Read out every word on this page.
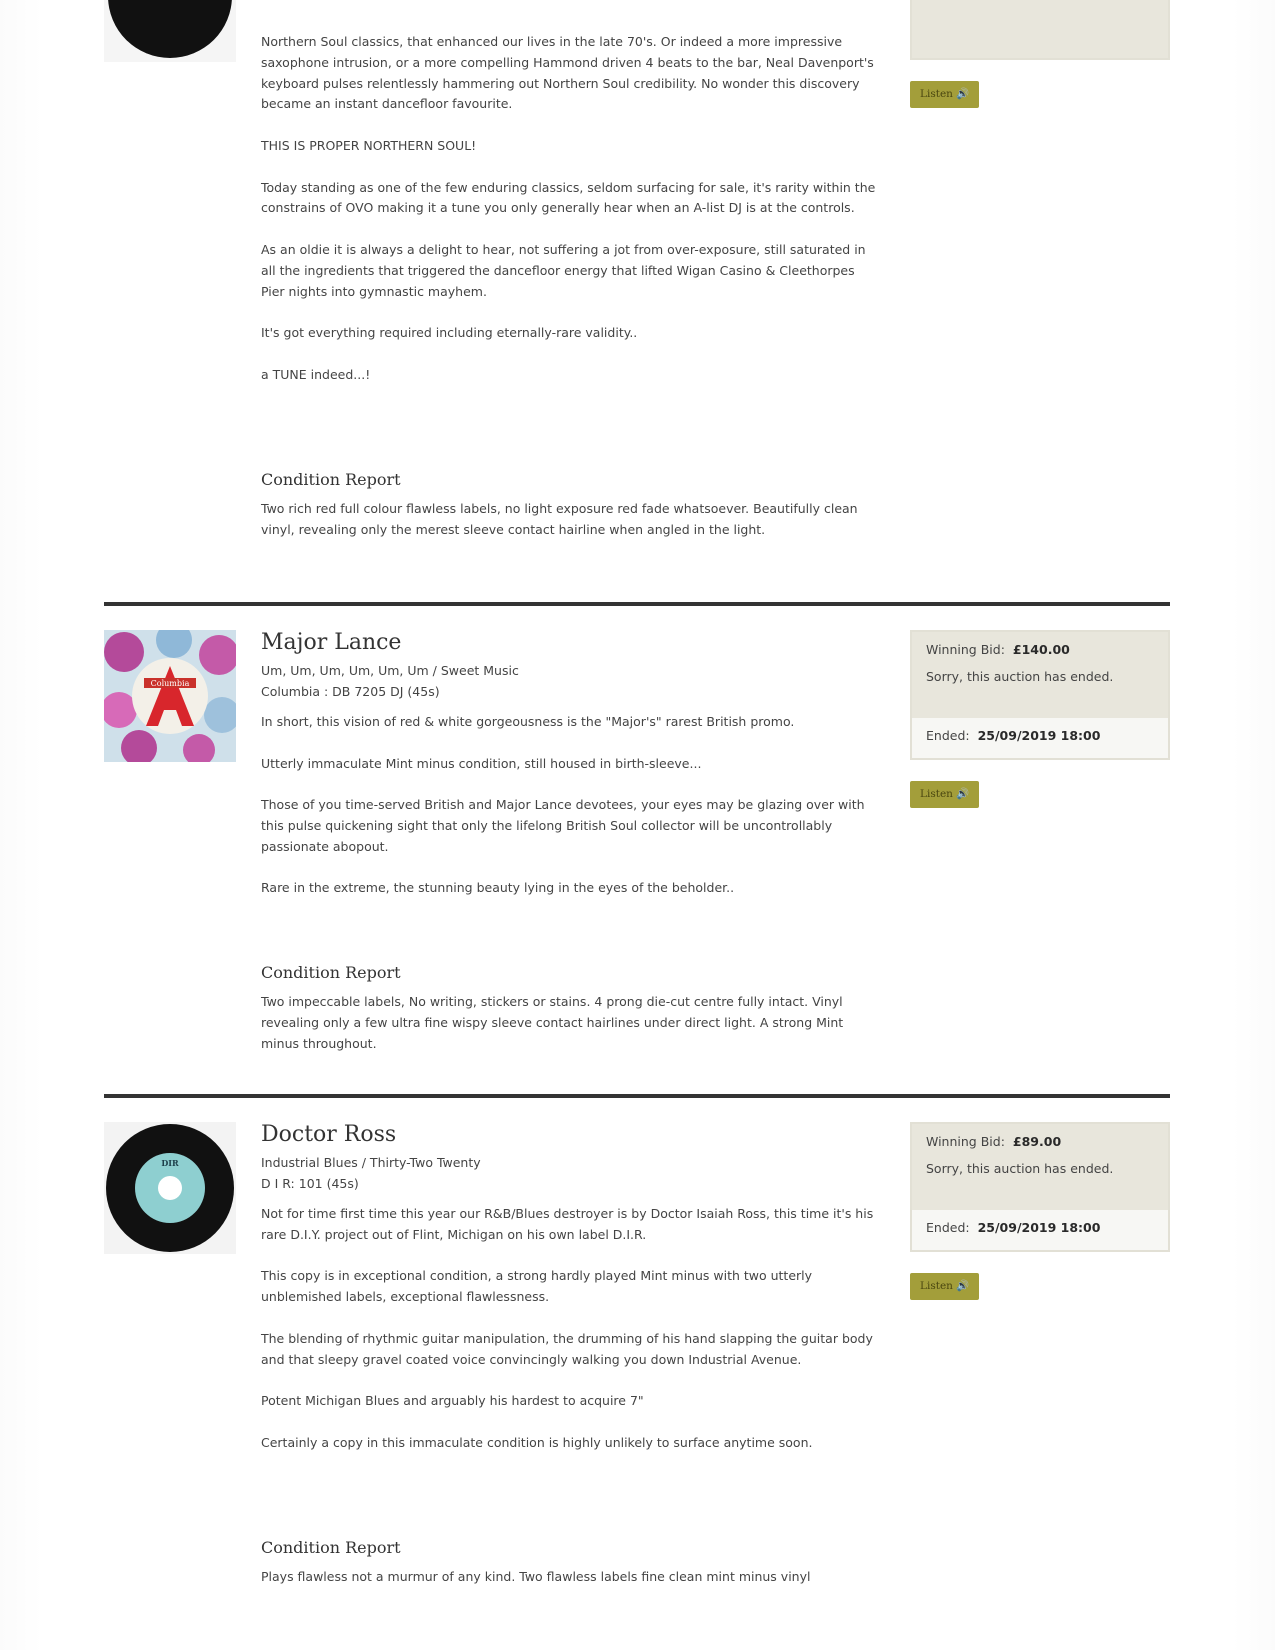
Northern Soul classics, that enhanced our lives in the late 70's. Or indeed a more impressive saxophone intrusion, or a more compelling Hammond driven 4 beats to the bar, Neal Davenport's keyboard pulses relentlessly hammering out Northern Soul credibility. No wonder this discovery became an instant dancefloor favourite.

THIS IS PROPER NORTHERN SOUL!

Today standing as one of the few enduring classics, seldom surfacing for sale, it's rarity within the constrains of OVO making it a tune you only generally hear when an A-list DJ is at the controls.

As an oldie it is always a delight to hear, not suffering a jot from over-exposure, still saturated in all the ingredients that triggered the dancefloor energy that lifted Wigan Casino & Cleethorpes Pier nights into gymnastic mayhem.

It's got everything required including eternally-rare validity..

a TUNE indeed...!

Condition Report

Two rich red full colour flawless labels, no light exposure red fade whatsoever. Beautifully clean vinyl, revealing only the merest sleeve contact hairline when angled in the light.

Listen 🔊
Columbia
Major Lance
Um, Um, Um, Um, Um, Um / Sweet Music
Columbia : DB 7205 DJ (45s)

In short, this vision of red & white gorgeousness is the "Major's" rarest British promo.

Utterly immaculate Mint minus condition, still housed in birth-sleeve...

Those of you time-served British and Major Lance devotees, your eyes may be glazing over with this pulse quickening sight that only the lifelong British Soul collector will be uncontrollably passionate abopout.

Rare in the extreme, the stunning beauty lying in the eyes of the beholder..

Condition Report

Two impeccable labels, No writing, stickers or stains. 4 prong die-cut centre fully intact. Vinyl revealing only a few ultra fine wispy sleeve contact hairlines under direct light. A strong Mint minus throughout.

Winning Bid: £140.00
Sorry, this auction has ended.
Ended: 25/09/2019 18:00
Listen 🔊
DIR
Doctor Ross
Industrial Blues / Thirty-Two Twenty
D I R: 101 (45s)

Not for time first time this year our R&B/Blues destroyer is by Doctor Isaiah Ross, this time it's his rare D.I.Y. project out of Flint, Michigan on his own label D.I.R.

This copy is in exceptional condition, a strong hardly played Mint minus with two utterly unblemished labels, exceptional flawlessness.

The blending of rhythmic guitar manipulation, the drumming of his hand slapping the guitar body and that sleepy gravel coated voice convincingly walking you down Industrial Avenue.

Potent Michigan Blues and arguably his hardest to acquire 7"

Certainly a copy in this immaculate condition is highly unlikely to surface anytime soon.

Condition Report

Plays flawless not a murmur of any kind. Two flawless labels fine clean mint minus vinyl

Winning Bid: £89.00
Sorry, this auction has ended.
Ended: 25/09/2019 18:00
Listen 🔊
